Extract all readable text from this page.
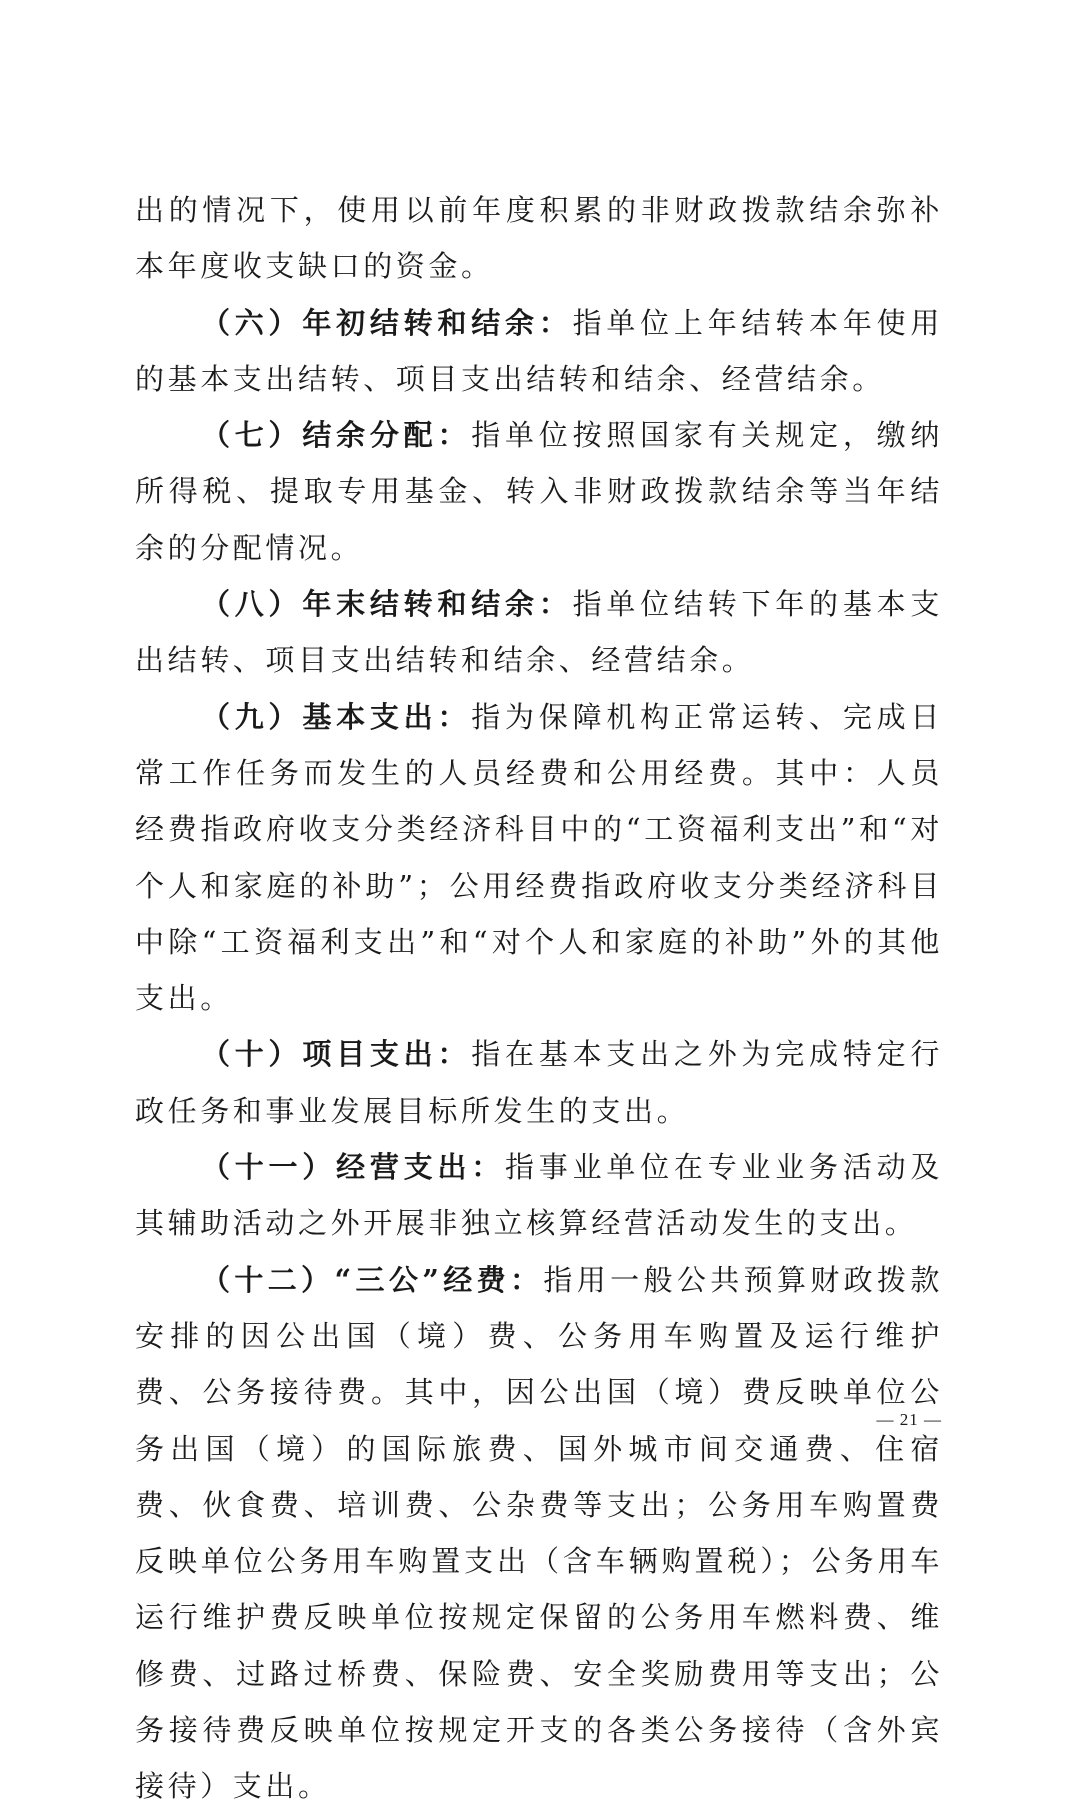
出的情况下，使用以前年度积累的非财政拨款结余弥补本年度收支缺口的资金。

（六）年初结转和结余：指单位上年结转本年使用的基本支出结转、项目支出结转和结余、经营结余。

（七）结余分配：指单位按照国家有关规定，缴纳所得税、提取专用基金、转入非财政拨款结余等当年结余的分配情况。

（八）年末结转和结余：指单位结转下年的基本支出结转、项目支出结转和结余、经营结余。

（九）基本支出：指为保障机构正常运转、完成日常工作任务而发生的人员经费和公用经费。其中：人员经费指政府收支分类经济科目中的“工资福利支出”和“对个人和家庭的补助”；公用经费指政府收支分类经济科目中除“工资福利支出”和“对个人和家庭的补助”外的其他支出。

（十）项目支出：指在基本支出之外为完成特定行政任务和事业发展目标所发生的支出。

（十一）经营支出：指事业单位在专业业务活动及其辅助活动之外开展非独立核算经营活动发生的支出。

（十二）“三公”经费：指用一般公共预算财政拨款安排的因公出国（境）费、公务用车购置及运行维护费、公务接待费。其中，因公出国（境）费反映单位公务出国（境）的国际旅费、国外城市间交通费、住宿费、伙食费、培训费、公杂费等支出；公务用车购置费反映单位公务用车购置支出（含车辆购置税）；公务用车运行维护费反映单位按规定保留的公务用车燃料费、维修费、过路过桥费、保险费、安全奖励费用等支出；公务接待费反映单位按规定开支的各类公务接待（含外宾接待）支出。

— 21 —
